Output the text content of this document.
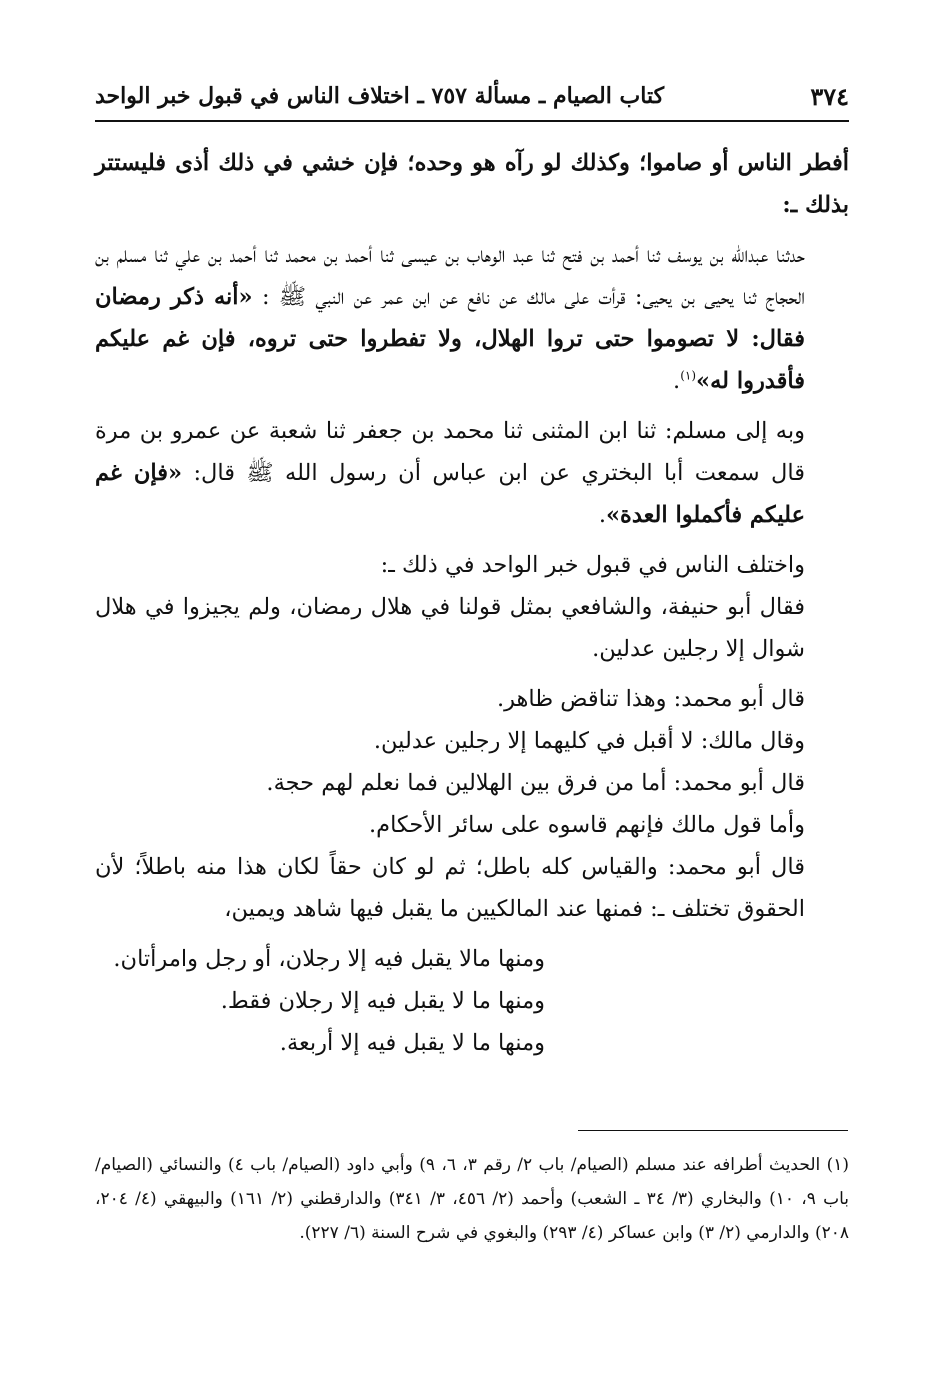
٣٧٤
كتاب الصيام ـ مسألة ٧٥٧ ـ اختلاف الناس في قبول خبر الواحد

أفطر الناس أو صاموا؛ وكذلك لو رآه هو وحده؛ فإن خشي في ذلك أذى فليستتر بذلك ـ:

حدثنا عبدالله بن يوسف ثنا أحمد بن فتح ثنا عبد الوهاب بن عيسى ثنا أحمد بن محمد ثنا أحمد بن علي ثنا مسلم بن الحجاج ثنا يحيى بن يحيى: قرأت على مالك عن نافع عن ابن عمر عن النبي ﷺ : «أنه ذكر رمضان فقال: لا تصوموا حتى تروا الهلال، ولا تفطروا حتى تروه، فإن غم عليكم فأقدروا له»$^{(١)}$.

وبه إلى مسلم: ثنا ابن المثنى ثنا محمد بن جعفر ثنا شعبة عن عمرو بن مرة قال سمعت أبا البختري عن ابن عباس أن رسول الله ﷺ قال: «فإن غم عليكم فأكملوا العدة».

واختلف الناس في قبول خبر الواحد في ذلك ـ:

فقال أبو حنيفة، والشافعي بمثل قولنا في هلال رمضان، ولم يجيزوا في هلال شوال إلا رجلين عدلين.

قال أبو محمد: وهذا تناقض ظاهر.

وقال مالك: لا أقبل في كليهما إلا رجلين عدلين.

قال أبو محمد: أما من فرق بين الهلالين فما نعلم لهم حجة.

وأما قول مالك فإنهم قاسوه على سائر الأحكام.

قال أبو محمد: والقياس كله باطل؛ ثم لو كان حقاً لكان هذا منه باطلاً؛ لأن الحقوق تختلف ـ: فمنها عند المالكيين ما يقبل فيها شاهد ويمين،

ومنها مالا يقبل فيه إلا رجلان، أو رجل وامرأتان.

ومنها ما لا يقبل فيه إلا رجلان فقط.

ومنها ما لا يقبل فيه إلا أربعة.

(١) الحديث أطرافه عند مسلم (الصيام/ باب ٢/ رقم ٣، ٦، ٩) وأبي داود (الصيام/ باب ٤) والنسائي (الصيام/ باب ٩، ١٠) والبخاري (٣/ ٣٤ ـ الشعب) وأحمد (٢/ ٤٥٦، ٣/ ٣٤١) والدارقطني (٢/ ١٦١) والبيهقي (٤/ ٢٠٤، ٢٠٨) والدارمي (٢/ ٣) وابن عساكر (٤/ ٢٩٣) والبغوي في شرح السنة (٦/ ٢٢٧).
